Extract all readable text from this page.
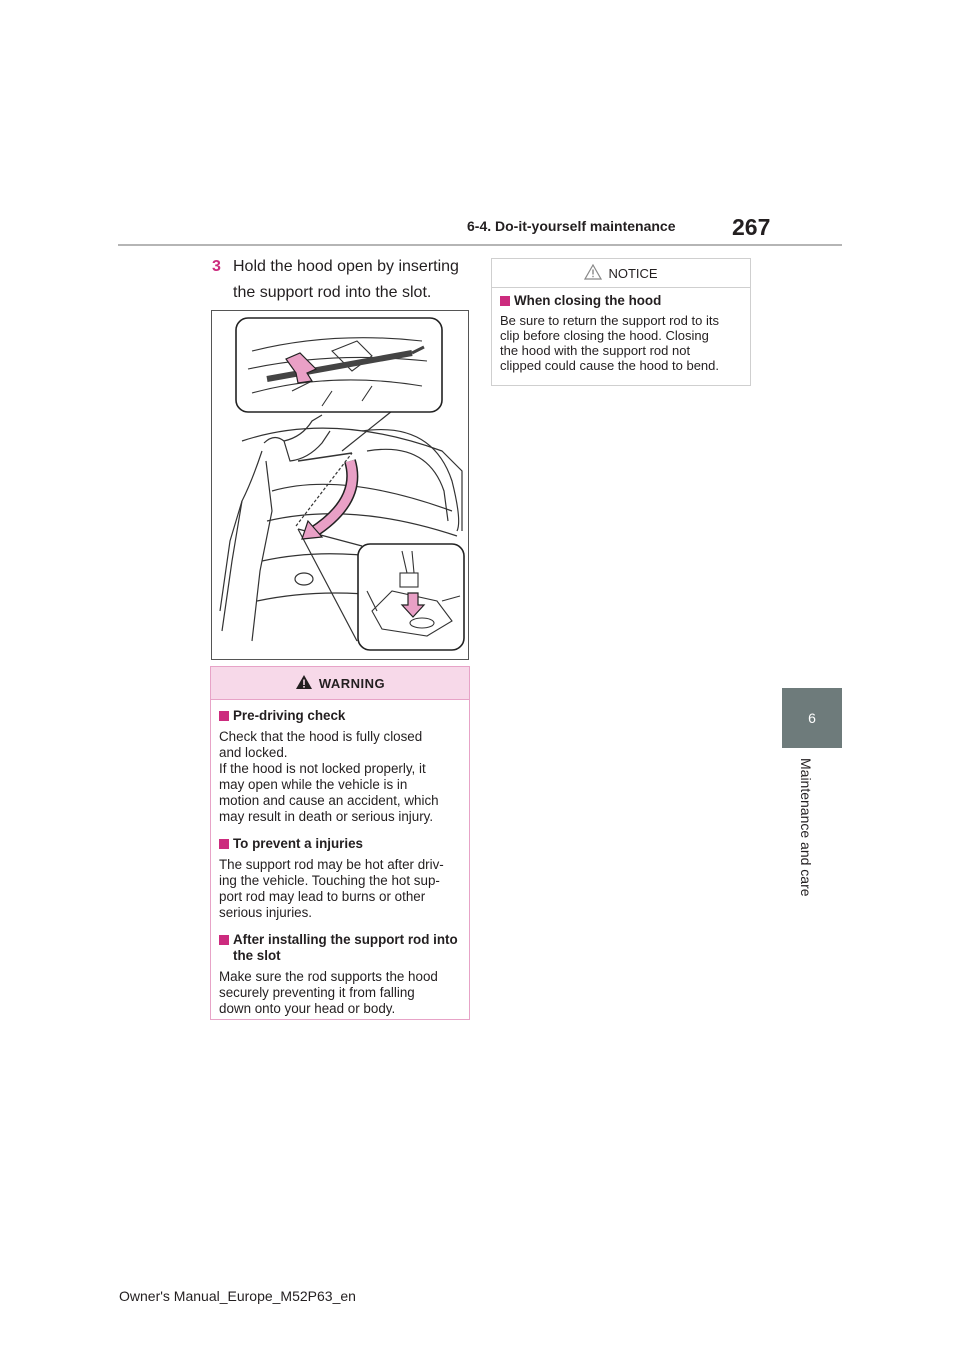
6-4. Do-it-yourself maintenance 267
6
Maintenance and care
3 Hold the hood open by inserting the support rod into the slot.
WARNING
Pre-driving check
Check that the hood is fully closed
and locked.
If the hood is not locked properly, it
may open while the vehicle is in
motion and cause an accident, which
may result in death or serious injury.
To prevent a injuries
The support rod may be hot after driv-
ing the vehicle. Touching the hot sup-
port rod may lead to burns or other
serious injuries.
After installing the support rod into the slot
Make sure the rod supports the hood
securely preventing it from falling
down onto your head or body.
NOTICE
When closing the hood
Be sure to return the support rod to its
clip before closing the hood. Closing
the hood with the support rod not
clipped could cause the hood to bend.
Owner's Manual_Europe_M52P63_en
